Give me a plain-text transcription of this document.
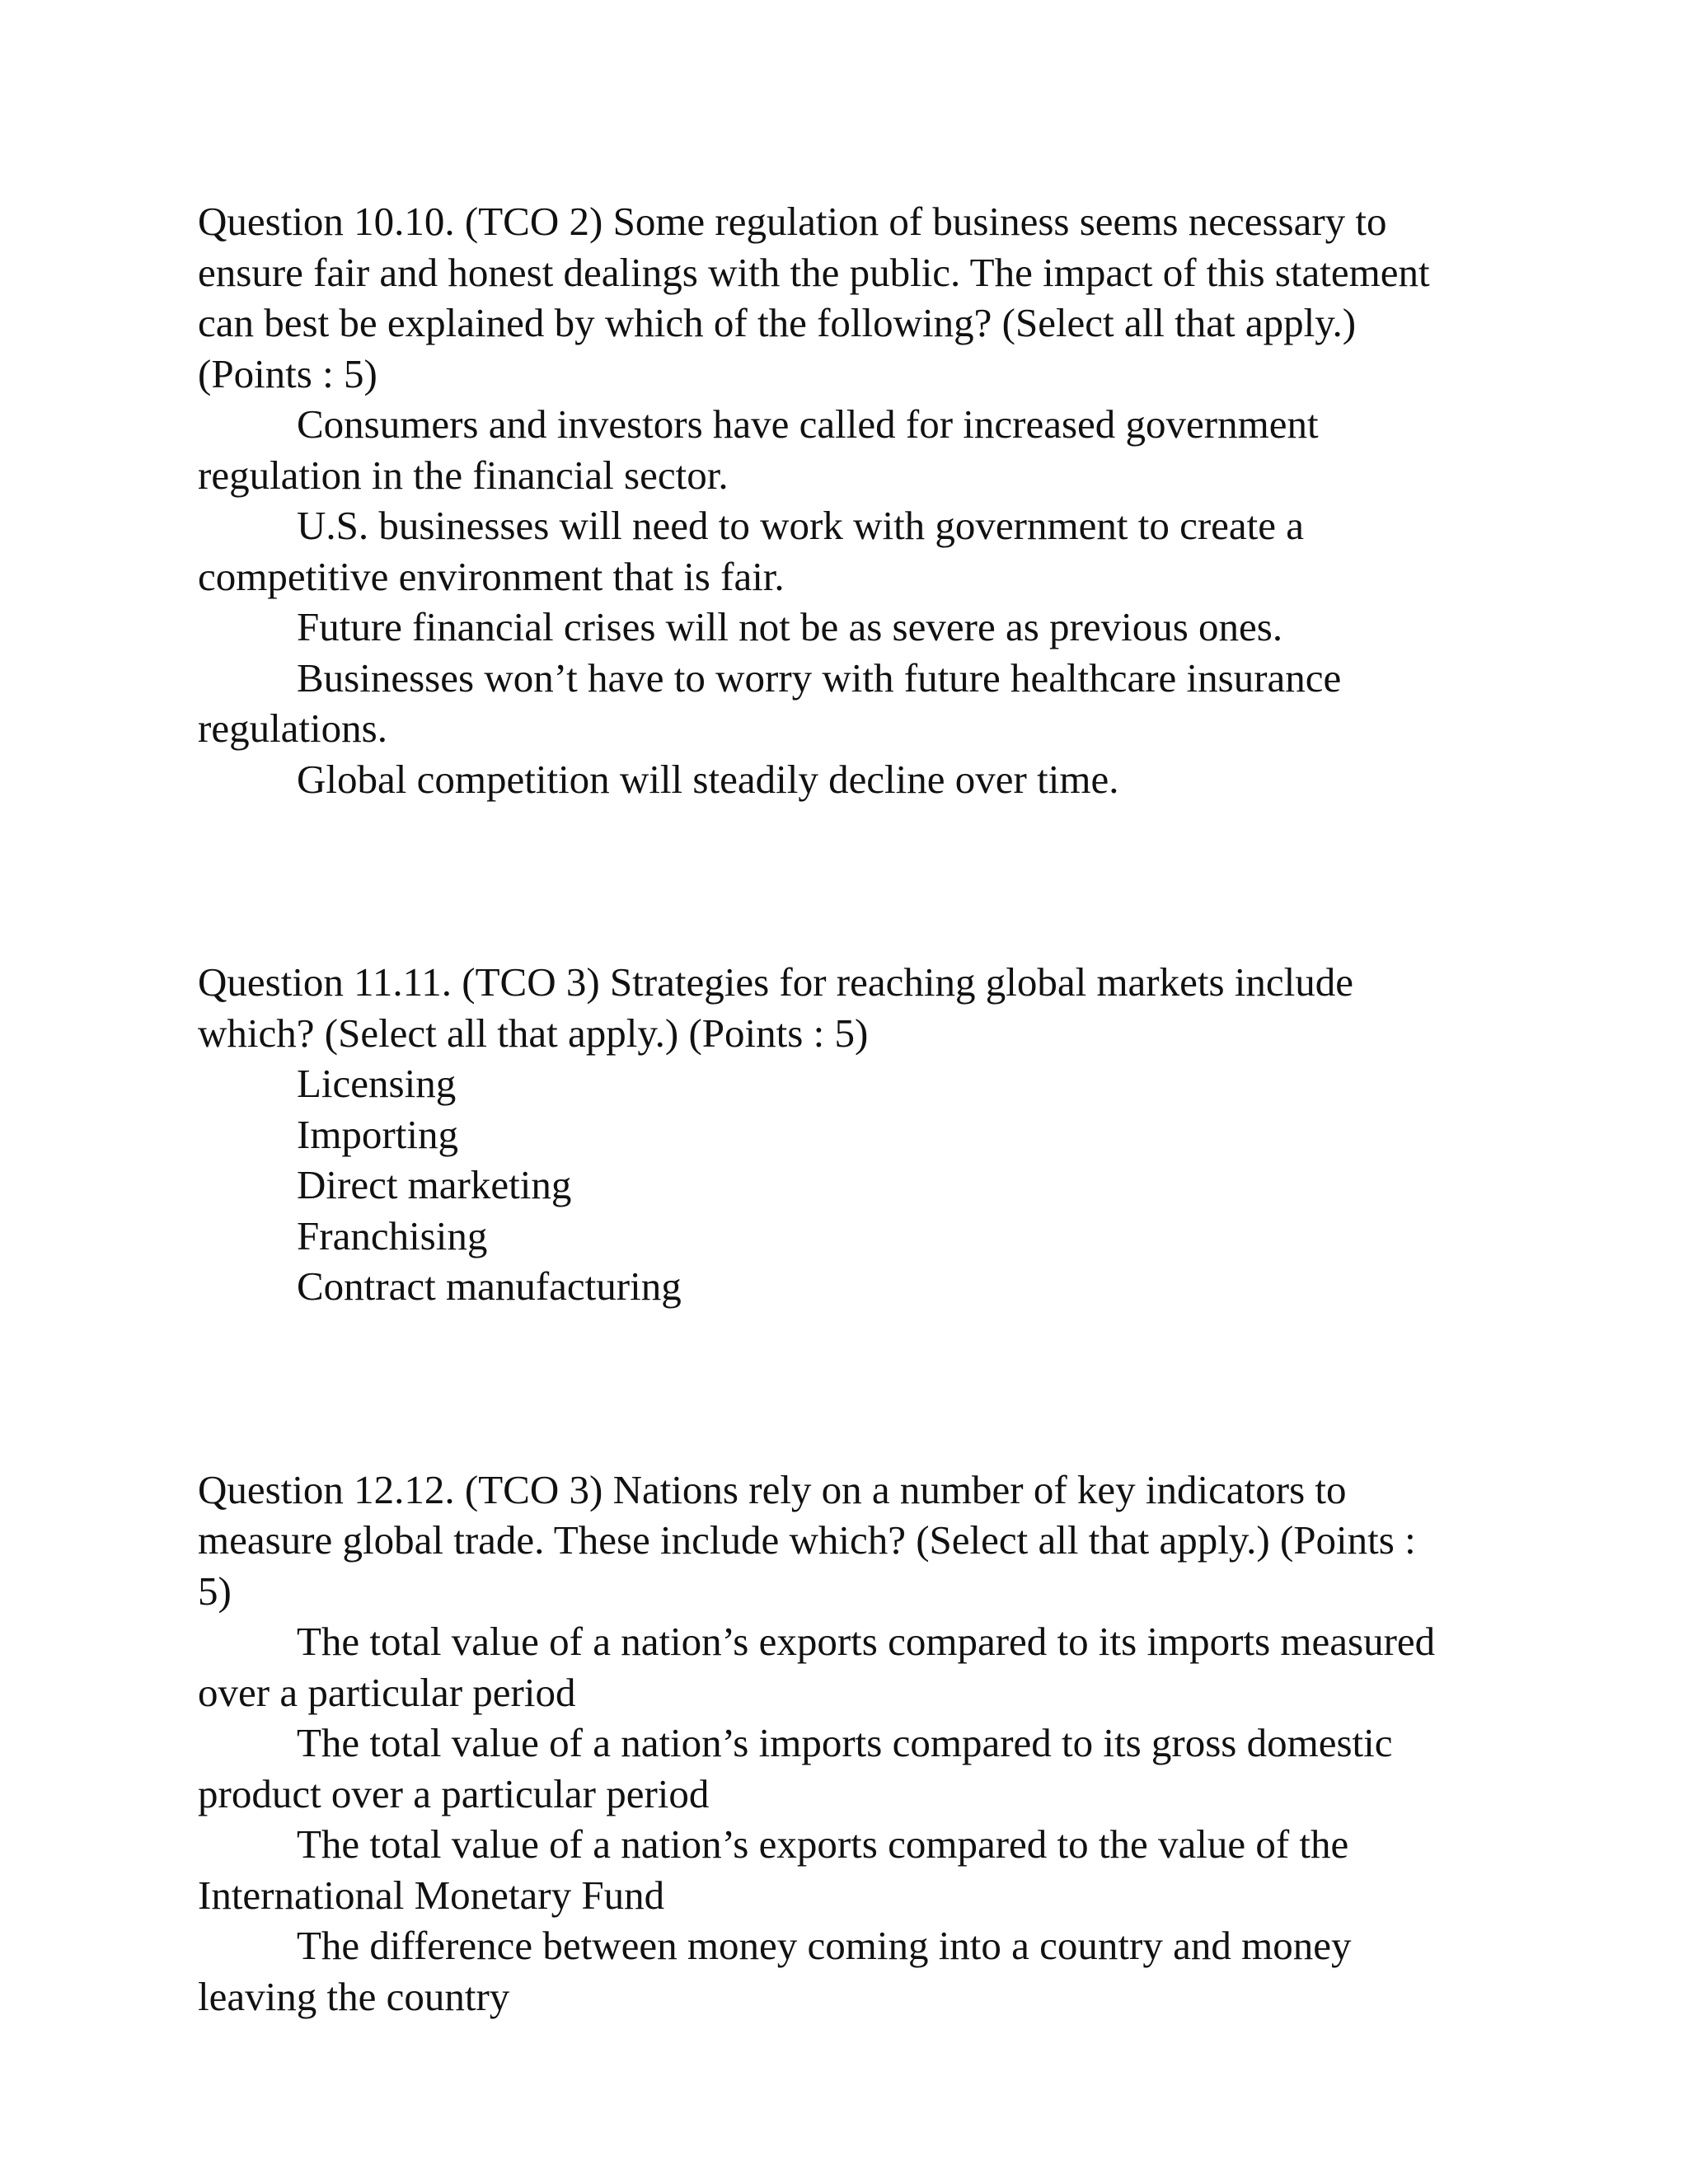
Question 10.10. (TCO 2) Some regulation of business seems necessary to ensure fair and honest dealings with the public. The impact of this statement can best be explained by which of the following? (Select all that apply.) (Points : 5)

Consumers and investors have called for increased government regulation in the financial sector.

U.S. businesses will need to work with government to create a competitive environment that is fair.

Future financial crises will not be as severe as previous ones.

Businesses won’t have to worry with future healthcare insurance regulations.

Global competition will steadily decline over time.

Question 11.11. (TCO 3) Strategies for reaching global markets include which? (Select all that apply.) (Points : 5)

Licensing

Importing

Direct marketing

Franchising

Contract manufacturing

Question 12.12. (TCO 3) Nations rely on a number of key indicators to measure global trade. These include which? (Select all that apply.) (Points : 5)

The total value of a nation’s exports compared to its imports measured over a particular period

The total value of a nation’s imports compared to its gross domestic product over a particular period

The total value of a nation’s exports compared to the value of the International Monetary Fund

The difference between money coming into a country and money leaving the country
